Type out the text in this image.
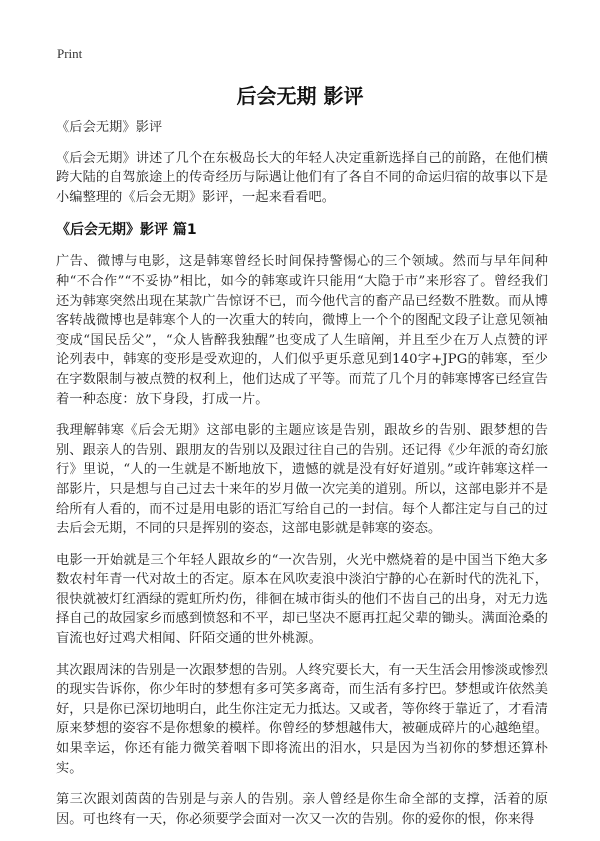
Print
后会无期 影评

《后会无期》影评

《后会无期》讲述了几个在东极岛长大的年轻人决定重新选择自己的前路，在他们横跨大陆的自驾旅途上的传奇经历与际遇让他们有了各自不同的命运归宿的故事以下是小编整理的《后会无期》影评，一起来看看吧。

《后会无期》影评 篇1

广告、微博与电影，这是韩寒曾经长时间保持警惕心的三个领域。然而与早年间种种“不合作”“不妥协”相比，如今的韩寒或许只能用“大隐于市”来形容了。曾经我们还为韩寒突然出现在某款广告惊讶不已，而今他代言的畜产品已经数不胜数。而从博客转战微博也是韩寒个人的一次重大的转向，微博上一个个的图配文段子让意见领袖变成“国民岳父”，“众人皆醉我独醒”也变成了人生暗阐，并且至少在万人点赞的评论列表中，韩寒的变形是受欢迎的，人们似乎更乐意见到140字+JPG的韩寒，至少在字数限制与被点赞的权利上，他们达成了平等。而荒了几个月的韩寒博客已经宣告着一种态度：放下身段，打成一片。

我理解韩寒《后会无期》这部电影的主题应该是告别，跟故乡的告别、跟梦想的告别、跟亲人的告别、跟朋友的告别以及跟过往自己的告别。还记得《少年派的奇幻旅行》里说，“人的一生就是不断地放下，遗憾的就是没有好好道别。”或许韩寒这样一部影片，只是想与自己过去十来年的岁月做一次完美的道别。所以，这部电影并不是给所有人看的，而不过是用电影的语汇写给自己的一封信。每个人都注定与自己的过去后会无期，不同的只是挥别的姿态，这部电影就是韩寒的姿态。

电影一开始就是三个年轻人跟故乡的“一次告别，火光中燃烧着的是中国当下绝大多数农村年青一代对故土的否定。原本在风吹麦浪中淡泊宁静的心在新时代的洗礼下，很快就被灯红酒绿的霓虹所灼伤，徘徊在城市街头的他们不齿自己的出身，对无力选择自己的故园家乡而感到愤怒和不平，却已坚决不愿再扛起父辈的锄头。满面沧桑的盲流也好过鸡犬相闻、阡陌交通的世外桃源。

其次跟周沫的告别是一次跟梦想的告别。人终究要长大，有一天生活会用惨淡或惨烈的现实告诉你，你少年时的梦想有多可笑多离奇，而生活有多拧巴。梦想或许依然美好，只是你已深切地明白，此生你注定无力抵达。又或者，等你终于靠近了，才看清原来梦想的姿容不是你想象的模样。你曾经的梦想越伟大，被砸成碎片的心越绝望。如果幸运，你还有能力微笑着咽下即将流出的泪水，只是因为当初你的梦想还算朴实。

第三次跟刘茵茵的告别是与亲人的告别。亲人曾经是你生命全部的支撑，活着的原因。可也终有一天，你必须要学会面对一次又一次的告别。你的爱你的恨，你来得
